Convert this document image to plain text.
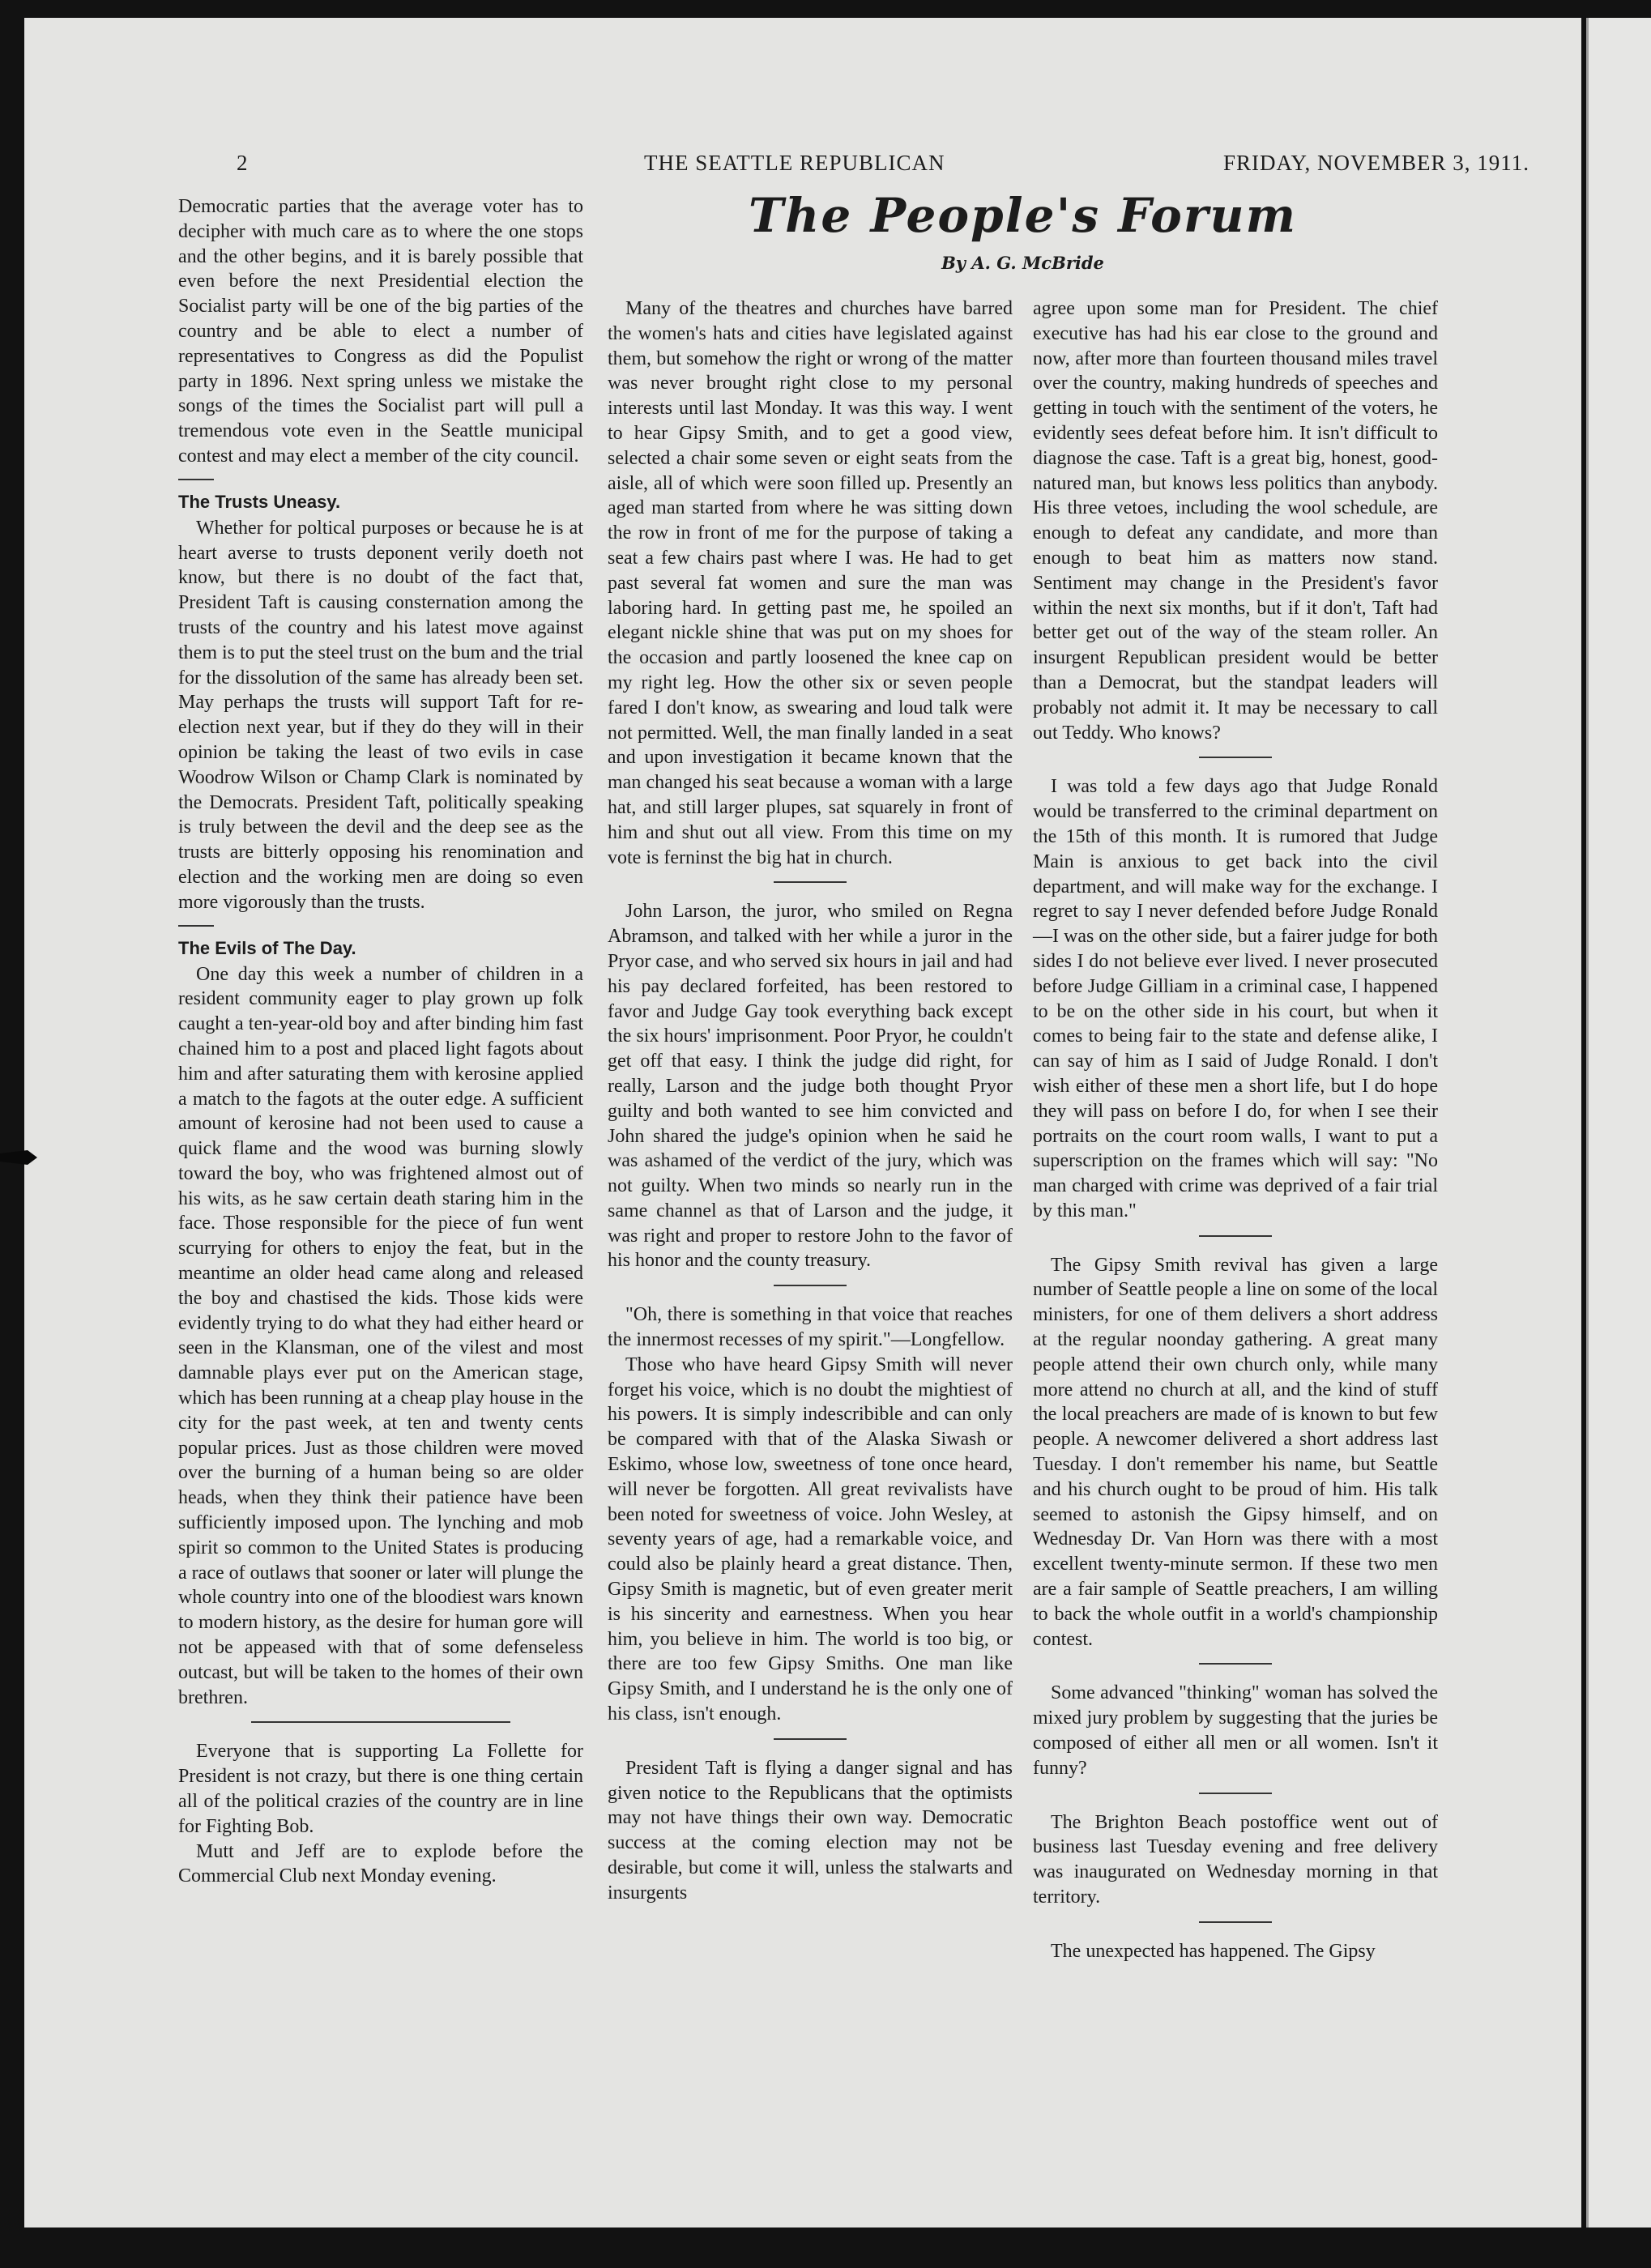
2	THE SEATTLE REPUBLICAN	FRIDAY, NOVEMBER 3, 1911.
The People's Forum
By A. G. McBride

Democratic parties that the average voter has to decipher with much care as to where the one stops and the other begins, and it is barely possible that even before the next Presidential election the Socialist party will be one of the big parties of the country and be able to elect a number of representatives to Congress as did the Populist party in 1896. Next spring unless we mistake the songs of the times the Socialist part will pull a tremendous vote even in the Seattle municipal contest and may elect a member of the city council.

The Trusts Uneasy.

Whether for poltical purposes or because he is at heart averse to trusts deponent verily doeth not know, but there is no doubt of the fact that, President Taft is causing consternation among the trusts of the country and his latest move against them is to put the steel trust on the bum and the trial for the dissolution of the same has already been set. May perhaps the trusts will support Taft for re-election next year, but if they do they will in their opinion be taking the least of two evils in case Woodrow Wilson or Champ Clark is nominated by the Democrats. President Taft, politically speaking is truly between the devil and the deep see as the trusts are bitterly opposing his renomination and election and the working men are doing so even more vigorously than the trusts.

The Evils of The Day.

One day this week a number of children in a resident community eager to play grown up folk caught a ten-year-old boy and after binding him fast chained him to a post and placed light fagots about him and after saturating them with kerosine applied a match to the fagots at the outer edge. A sufficient amount of kerosine had not been used to cause a quick flame and the wood was burning slowly toward the boy, who was frightened almost out of his wits, as he saw certain death staring him in the face. Those responsible for the piece of fun went scurrying for others to enjoy the feat, but in the meantime an older head came along and released the boy and chastised the kids. Those kids were evidently trying to do what they had either heard or seen in the Klansman, one of the vilest and most damnable plays ever put on the American stage, which has been running at a cheap play house in the city for the past week, at ten and twenty cents popular prices. Just as those children were moved over the burning of a human being so are older heads, when they think their patience have been sufficiently imposed upon. The lynching and mob spirit so common to the United States is producing a race of outlaws that sooner or later will plunge the whole country into one of the bloodiest wars known to modern history, as the desire for human gore will not be appeased with that of some defenseless outcast, but will be taken to the homes of their own brethren.

Everyone that is supporting La Follette for President is not crazy, but there is one thing certain all of the political crazies of the country are in line for Fighting Bob.

Mutt and Jeff are to explode before the Commercial Club next Monday evening.

Many of the theatres and churches have barred the women's hats and cities have legislated against them, but somehow the right or wrong of the matter was never brought right close to my personal interests until last Monday. It was this way. I went to hear Gipsy Smith, and to get a good view, selected a chair some seven or eight seats from the aisle, all of which were soon filled up. Presently an aged man started from where he was sitting down the row in front of me for the purpose of taking a seat a few chairs past where I was. He had to get past several fat women and sure the man was laboring hard. In getting past me, he spoiled an elegant nickle shine that was put on my shoes for the occasion and partly loosened the knee cap on my right leg. How the other six or seven people fared I don't know, as swearing and loud talk were not permitted. Well, the man finally landed in a seat and upon investigation it became known that the man changed his seat because a woman with a large hat, and still larger plupes, sat squarely in front of him and shut out all view. From this time on my vote is ferninst the big hat in church.

John Larson, the juror, who smiled on Regna Abramson, and talked with her while a juror in the Pryor case, and who served six hours in jail and had his pay declared forfeited, has been restored to favor and Judge Gay took everything back except the six hours' imprisonment. Poor Pryor, he couldn't get off that easy. I think the judge did right, for really, Larson and the judge both thought Pryor guilty and both wanted to see him convicted and John shared the judge's opinion when he said he was ashamed of the verdict of the jury, which was not guilty. When two minds so nearly run in the same channel as that of Larson and the judge, it was right and proper to restore John to the favor of his honor and the county treasury.

"Oh, there is something in that voice that reaches the innermost recesses of my spirit."—Longfellow.

Those who have heard Gipsy Smith will never forget his voice, which is no doubt the mightiest of his powers. It is simply indescribible and can only be compared with that of the Alaska Siwash or Eskimo, whose low, sweetness of tone once heard, will never be forgotten. All great revivalists have been noted for sweetness of voice. John Wesley, at seventy years of age, had a remarkable voice, and could also be plainly heard a great distance. Then, Gipsy Smith is magnetic, but of even greater merit is his sincerity and earnestness. When you hear him, you believe in him. The world is too big, or there are too few Gipsy Smiths. One man like Gipsy Smith, and I understand he is the only one of his class, isn't enough.

President Taft is flying a danger signal and has given notice to the Republicans that the optimists may not have things their own way. Democratic success at the coming election may not be desirable, but come it will, unless the stalwarts and insurgents

agree upon some man for President. The chief executive has had his ear close to the ground and now, after more than fourteen thousand miles travel over the country, making hundreds of speeches and getting in touch with the sentiment of the voters, he evidently sees defeat before him. It isn't difficult to diagnose the case. Taft is a great big, honest, good-natured man, but knows less politics than anybody. His three vetoes, including the wool schedule, are enough to defeat any candidate, and more than enough to beat him as matters now stand. Sentiment may change in the President's favor within the next six months, but if it don't, Taft had better get out of the way of the steam roller. An insurgent Republican president would be better than a Democrat, but the standpat leaders will probably not admit it. It may be necessary to call out Teddy. Who knows?

I was told a few days ago that Judge Ronald would be transferred to the criminal department on the 15th of this month. It is rumored that Judge Main is anxious to get back into the civil department, and will make way for the exchange. I regret to say I never defended before Judge Ronald—I was on the other side, but a fairer judge for both sides I do not believe ever lived. I never prosecuted before Judge Gilliam in a criminal case, I happened to be on the other side in his court, but when it comes to being fair to the state and defense alike, I can say of him as I said of Judge Ronald. I don't wish either of these men a short life, but I do hope they will pass on before I do, for when I see their portraits on the court room walls, I want to put a superscription on the frames which will say: "No man charged with crime was deprived of a fair trial by this man."

The Gipsy Smith revival has given a large number of Seattle people a line on some of the local ministers, for one of them delivers a short address at the regular noonday gathering. A great many people attend their own church only, while many more attend no church at all, and the kind of stuff the local preachers are made of is known to but few people. A newcomer delivered a short address last Tuesday. I don't remember his name, but Seattle and his church ought to be proud of him. His talk seemed to astonish the Gipsy himself, and on Wednesday Dr. Van Horn was there with a most excellent twenty-minute sermon. If these two men are a fair sample of Seattle preachers, I am willing to back the whole outfit in a world's championship contest.

Some advanced "thinking" woman has solved the mixed jury problem by suggesting that the juries be composed of either all men or all women. Isn't it funny?

The Brighton Beach postoffice went out of business last Tuesday evening and free delivery was inaugurated on Wednesday morning in that territory.

The unexpected has happened. The Gipsy
